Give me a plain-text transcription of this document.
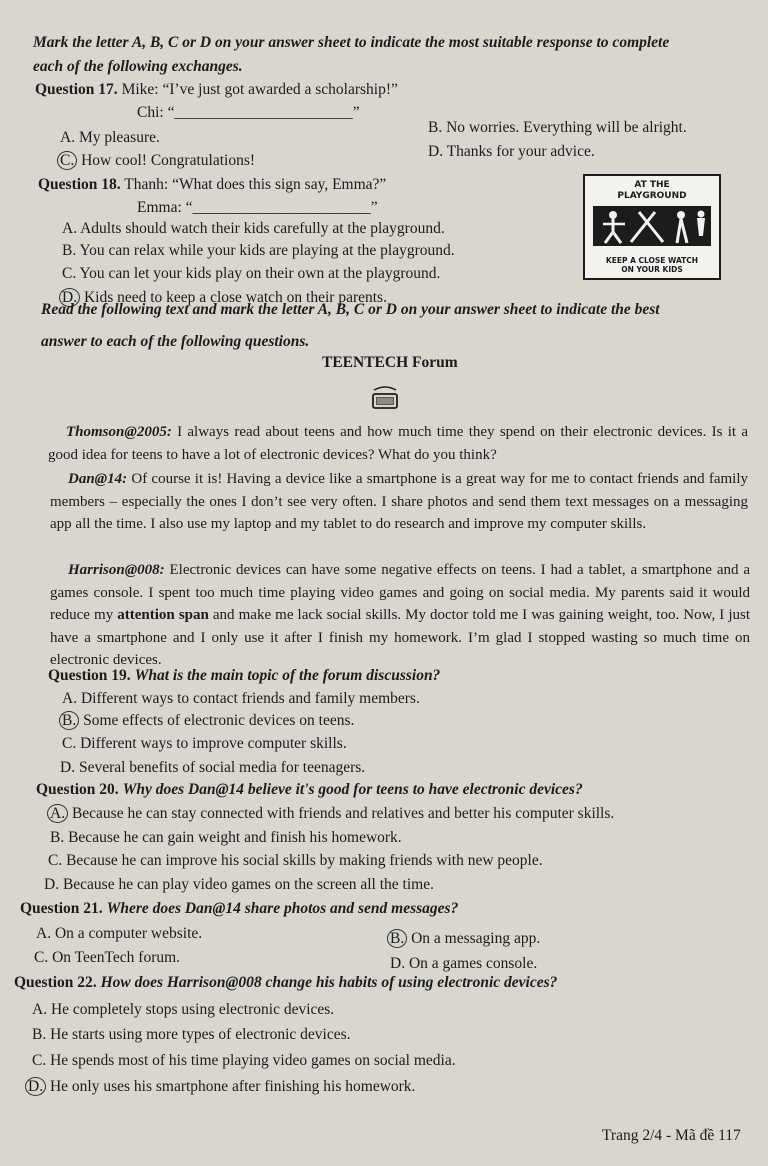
Mark the letter A, B, C or D on your answer sheet to indicate the most suitable response to complete
each of the following exchanges.
Question 17. Mike: “I’ve just got awarded a scholarship!”
Chi: “_______________________”
A. My pleasure.
B. No worries. Everything will be alright.
C. How cool! Congratulations!
D. Thanks for your advice.
Question 18. Thanh: “What does this sign say, Emma?”
Emma: “_______________________”
A. Adults should watch their kids carefully at the playground.
B. You can relax while your kids are playing at the playground.
C. You can let your kids play on their own at the playground.
D. Kids need to keep a close watch on their parents.
AT THE
PLAYGROUND
KEEP A CLOSE WATCH
ON YOUR KIDS
Read the following text and mark the letter A, B, C or D on your answer sheet to indicate the best
answer to each of the following questions.
TEENTECH Forum

Thomson@2005: I always read about teens and how much time they spend on their electronic devices. Is it a good idea for teens to have a lot of electronic devices? What do you think?

Dan@14: Of course it is! Having a device like a smartphone is a great way for me to contact friends and family members – especially the ones I don’t see very often. I share photos and send them text messages on a messaging app all the time. I also use my laptop and my tablet to do research and improve my computer skills.

Harrison@008: Electronic devices can have some negative effects on teens. I had a tablet, a smartphone and a games console. I spent too much time playing video games and going on social media. My parents said it would reduce my attention span and make me lack social skills. My doctor told me I was gaining weight, too. Now, I just have a smartphone and I only use it after I finish my homework. I’m glad I stopped wasting so much time on electronic devices.

Question 19. What is the main topic of the forum discussion?
A. Different ways to contact friends and family members.
B. Some effects of electronic devices on teens.
C. Different ways to improve computer skills.
D. Several benefits of social media for teenagers.
Question 20. Why does Dan@14 believe it's good for teens to have electronic devices?
A. Because he can stay connected with friends and relatives and better his computer skills.
B. Because he can gain weight and finish his homework.
C. Because he can improve his social skills by making friends with new people.
D. Because he can play video games on the screen all the time.
Question 21. Where does Dan@14 share photos and send messages?
A. On a computer website.	B. On a messaging app.
C. On TeenTech forum.	D. On a games console.
Question 22. How does Harrison@008 change his habits of using electronic devices?
A. He completely stops using electronic devices.
B. He starts using more types of electronic devices.
C. He spends most of his time playing video games on social media.
D. He only uses his smartphone after finishing his homework.
Trang 2/4 - Mã đề 117
